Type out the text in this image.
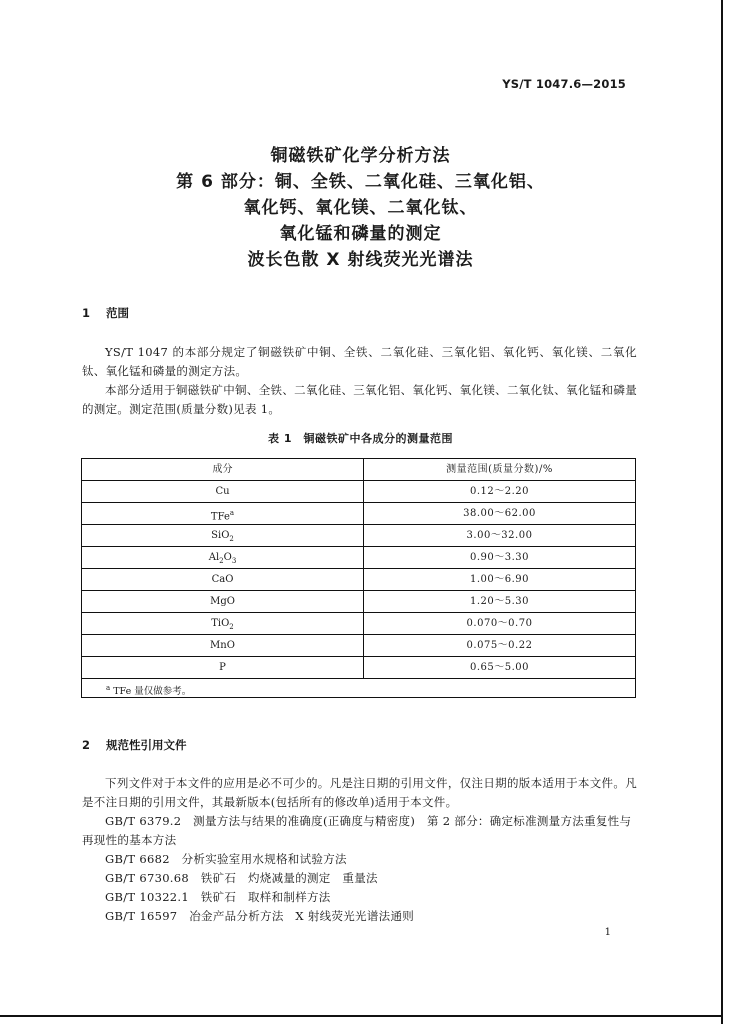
YS/T 1047.6—2015
铜磁铁矿化学分析方法
第 6 部分：铜、全铁、二氧化硅、三氧化铝、
氧化钙、氧化镁、二氧化钛、
氧化锰和磷量的测定
波长色散 X 射线荧光光谱法
1 范围
YS/T 1047 的本部分规定了铜磁铁矿中铜、全铁、二氧化硅、三氧化铝、氧化钙、氧化镁、二氧化钛、氧化锰和磷量的测定方法。
本部分适用于铜磁铁矿中铜、全铁、二氧化硅、三氧化铝、氧化钙、氧化镁、二氧化钛、氧化锰和磷量的测定。测定范围(质量分数)见表 1。
表 1　铜磁铁矿中各成分的测量范围
成分	测量范围(质量分数)/%
Cu	0.12～2.20
TFe$^a$	38.00～62.00
SiO$_2$	3.00～32.00
$Al_2O_3$	0.90～3.30
CaO	1.00～6.90
MgO	1.20～5.30
TiO$_2$	0.070～0.70
MnO	0.075～0.22
P	0.65～5.00
$^a$ TFe 量仅做参考。
2 规范性引用文件
下列文件对于本文件的应用是必不可少的。凡是注日期的引用文件，仅注日期的版本适用于本文件。凡是不注日期的引用文件，其最新版本(包括所有的修改单)适用于本文件。
GB/T 6379.2　测量方法与结果的准确度(正确度与精密度)　第 2 部分：确定标准测量方法重复性与再现性的基本方法
GB/T 6682　分析实验室用水规格和试验方法
GB/T 6730.68　铁矿石　灼烧减量的测定　重量法
GB/T 10322.1　铁矿石　取样和制样方法
GB/T 16597　冶金产品分析方法　X 射线荧光光谱法通则
1
